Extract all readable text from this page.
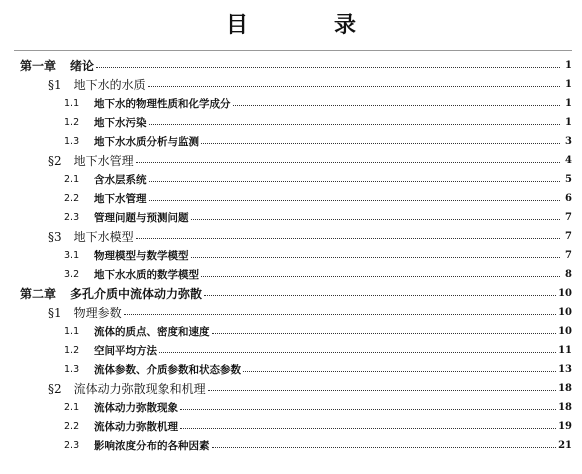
目　录
第一章 绪论	1
§1 地下水的水质	1
1.1	地下水的物理性质和化学成分	1
1.2	地下水污染	1
1.3	地下水水质分析与监测	3
§2 地下水管理	4
2.1	含水层系统	5
2.2	地下水管理	6
2.3	管理问题与预测问题	7
§3 地下水模型	7
3.1	物理模型与数学模型	7
3.2	地下水水质的数学模型	8
第二章 多孔介质中流体动力弥散	10
§1 物理参数	10
1.1	流体的质点、密度和速度	10
1.2	空间平均方法	11
1.3	流体参数、介质参数和状态参数	13
§2 流体动力弥散现象和机理	18
2.1	流体动力弥散现象	18
2.2	流体动力弥散机理	19
2.3	影响浓度分布的各种因素	21
